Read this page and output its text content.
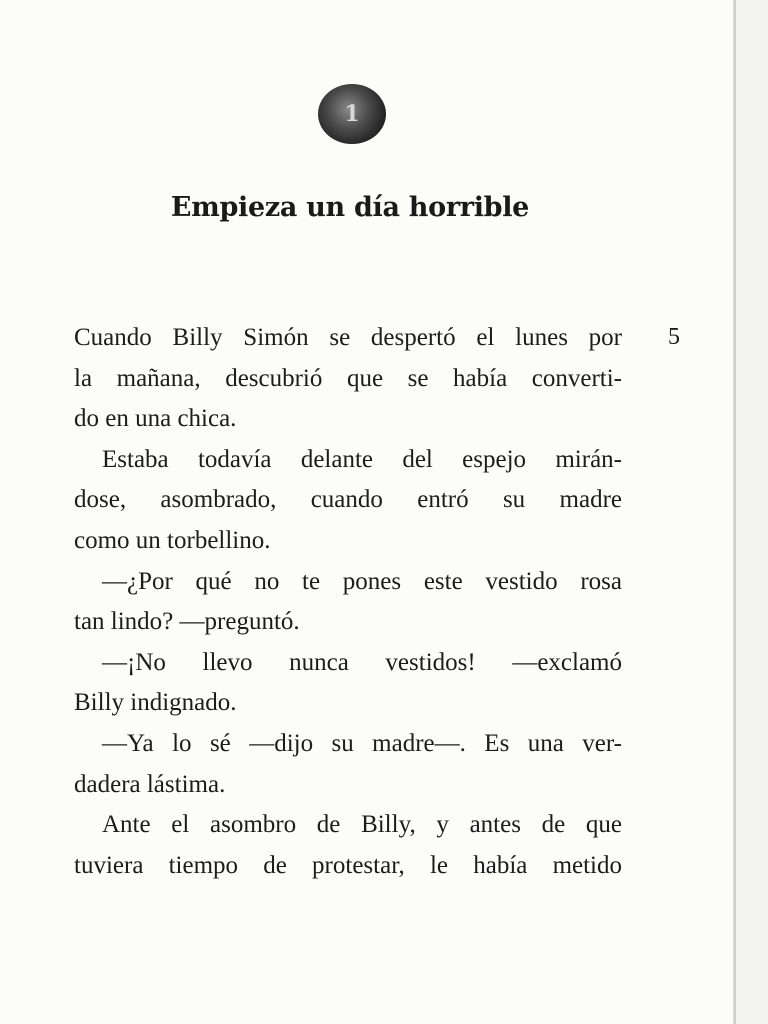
1
Empieza un día horrible
5

Cuando Billy Simón se despertó el lunes por
la mañana, descubrió que se había converti-
do en una chica.

Estaba todavía delante del espejo mirán-
dose, asombrado, cuando entró su madre
como un torbellino.

—¿Por qué no te pones este vestido rosa
tan lindo? —preguntó.

—¡No llevo nunca vestidos! —exclamó
Billy indignado.

—Ya lo sé —dijo su madre—. Es una ver-
dadera lástima.

Ante el asombro de Billy, y antes de que
tuviera tiempo de protestar, le había metido
